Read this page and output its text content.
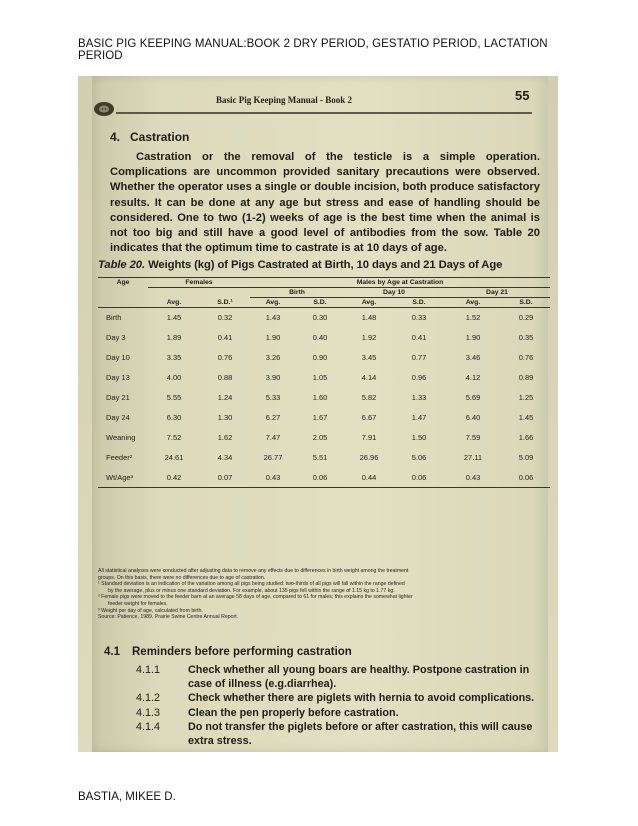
BASIC PIG KEEPING MANUAL:BOOK 2 DRY PERIOD, GESTATIO PERIOD, LACTATION PERIOD
Basic Pig Keeping Manual - Book 2	55
4. Castration
Castration or the removal of the testicle is a simple operation. Complications are uncommon provided sanitary precautions were observed. Whether the operator uses a single or double incision, both produce satisfactory results. It can be done at any age but stress and ease of handling should be considered. One to two (1-2) weeks of age is the best time when the animal is not too big and still have a good level of antibodies from the sow. Table 20 indicates that the optimum time to castrate is at 10 days of age.
Table 20. Weights (kg) of Pigs Castrated at Birth, 10 days and 21 Days of Age
Age	Females		Males by Age at Castration					
			Birth		Day 10		Day 21	
	Avg.	S.D.¹	Avg.	S.D.	Avg.	S.D.	Avg.	S.D.
Birth	1.45	0.32	1.43	0.30	1.48	0.33	1.52	0.29
Day 3	1.89	0.41	1.90	0.40	1.92	0.41	1.90	0.35
Day 10	3.35	0.76	3.26	0.90	3.45	0.77	3.46	0.76
Day 13	4.00	0.88	3.90	1.05	4.14	0.96	4.12	0.89
Day 21	5.55	1.24	5.33	1.60	5.82	1.33	5.69	1.25
Day 24	6.30	1.30	6.27	1.67	6.67	1.47	6.40	1.45
Weaning	7.52	1.62	7.47	2.05	7.91	1.50	7.59	1.66
Feeder²	24.61	4.34	26.77	5.51	26.96	5.06	27.11	5.09
Wt/Age³	0.42	0.07	0.43	0.06	0.44	0.06	0.43	0.06
All statistical analyses were conducted after adjusting data to remove any effects due to differences in birth weight among the treatment
groups. On this basis, there were no differences due to age of castration.
¹ Standard deviation is an indication of the variation among all pigs being studied: two-thirds of all pigs will fall within the range defined
by the average, plus or minus one standard deviation. For example, about 135 pigs fell within the range of 1.15 kg to 1.77 kg.
² Female pigs were moved to the feeder barn at an average 58 days of age, compared to 61 for males; this explains the somewhat lighter
feeder weight for females.
³ Weight per day of age, calculated from birth.
Source: Patience, 1989, Prairie Swine Centre Annual Report.
4.1 Reminders before performing castration
4.1.1	Check whether all young boars are healthy. Postpone castration in case of illness (e.g.diarrhea).
4.1.2	Check whether there are piglets with hernia to avoid complications.
4.1.3	Clean the pen properly before castration.
4.1.4	Do not transfer the piglets before or after castration, this will cause extra stress.
BASTIA, MIKEE D.
